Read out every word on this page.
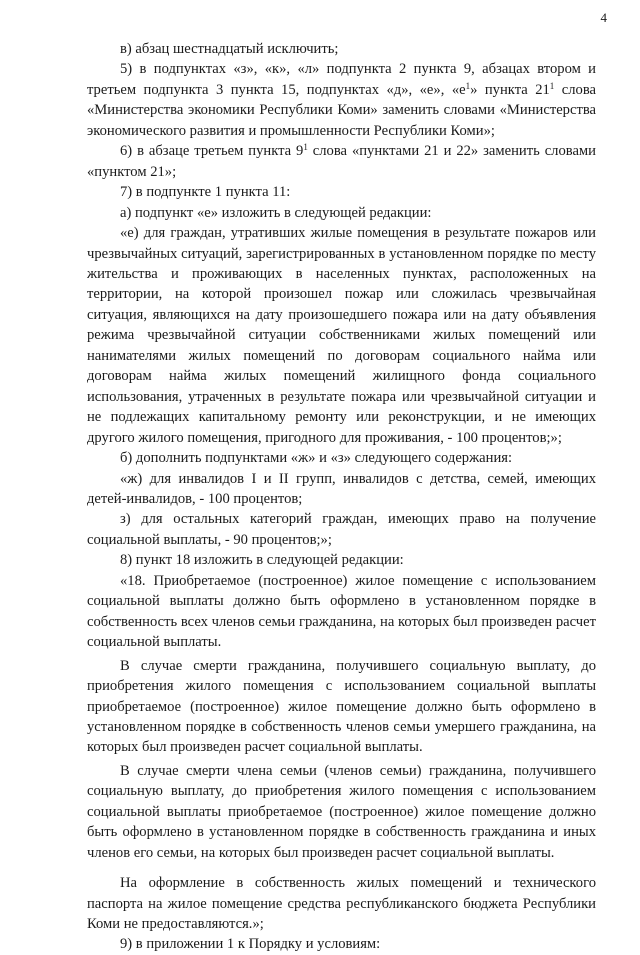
4

в) абзац шестнадцатый исключить;

5) в подпунктах «з», «к», «л» подпункта 2 пункта 9, абзацах втором и третьем подпункта 3 пункта 15, подпунктах «д», «е», «$е^1$» пункта $21^1$ слова «Министерства экономики Республики Коми» заменить словами «Министерства экономического развития и промышленности Республики Коми»;

6) в абзаце третьем пункта $9^1$ слова «пунктами 21 и 22» заменить словами «пунктом 21»;

7) в подпункте 1 пункта 11:

а) подпункт «е» изложить в следующей редакции:

«е) для граждан, утративших жилые помещения в результате пожаров или чрезвычайных ситуаций, зарегистрированных в установленном порядке по месту жительства и проживающих в населенных пунктах, расположенных на территории, на которой произошел пожар или сложилась чрезвычайная ситуация, являющихся на дату произошедшего пожара или на дату объявления режима чрезвычайной ситуации собственниками жилых помещений или нанимателями жилых помещений по договорам социального найма или договорам найма жилых помещений жилищного фонда социального использования, утраченных в результате пожара или чрезвычайной ситуации и не подлежащих капитальному ремонту или реконструкции, и не имеющих другого жилого помещения, пригодного для проживания, - 100 процентов;»;

б) дополнить подпунктами «ж» и «з» следующего содержания:

«ж) для инвалидов I и II групп, инвалидов с детства, семей, имеющих детей-инвалидов, - 100 процентов;

з) для остальных категорий граждан, имеющих право на получение социальной выплаты, - 90 процентов;»;

8) пункт 18 изложить в следующей редакции:

«18. Приобретаемое (построенное) жилое помещение с использованием социальной выплаты должно быть оформлено в установленном порядке в собственность всех членов семьи гражданина, на которых был произведен расчет социальной выплаты.

В случае смерти гражданина, получившего социальную выплату, до приобретения жилого помещения с использованием социальной выплаты приобретаемое (построенное) жилое помещение должно быть оформлено в установленном порядке в собственность членов семьи умершего гражданина, на которых был произведен расчет социальной выплаты.

В случае смерти члена семьи (членов семьи) гражданина, получившего социальную выплату, до приобретения жилого помещения с использованием социальной выплаты приобретаемое (построенное) жилое помещение должно быть оформлено в установленном порядке в собственность гражданина и иных членов его семьи, на которых был произведен расчет социальной выплаты.

На оформление в собственность жилых помещений и технического паспорта на жилое помещение средства республиканского бюджета Республики Коми не предоставляются.»;

9) в приложении 1 к Порядку и условиям:
